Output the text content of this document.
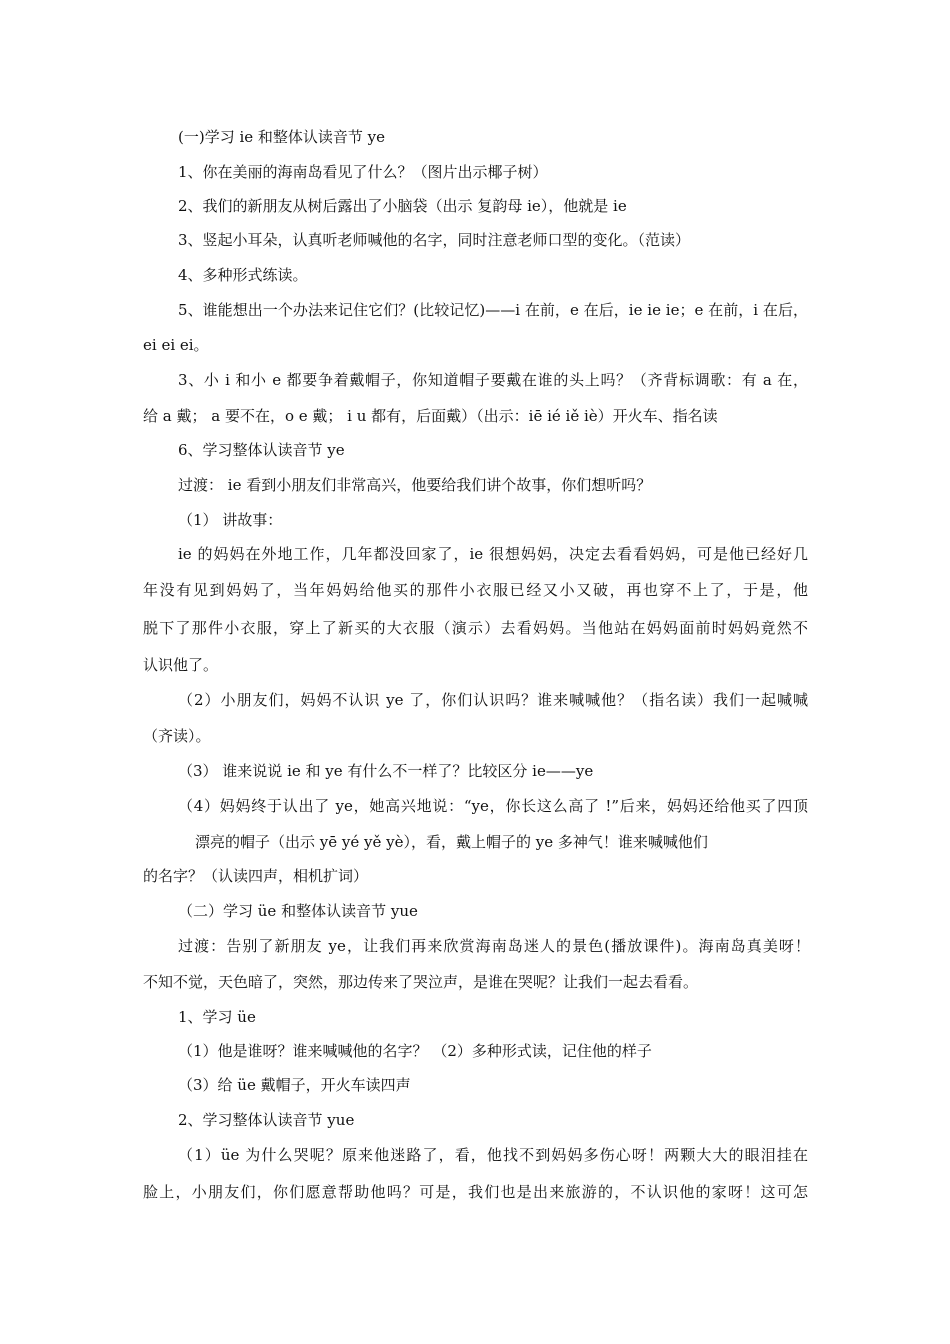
(一)学习 ie 和整体认读音节 ye
1、你在美丽的海南岛看见了什么？（图片出示椰子树）
2、我们的新朋友从树后露出了小脑袋（出示 复韵母 ie），他就是 ie
3、竖起小耳朵，认真听老师喊他的名字，同时注意老师口型的变化。（范读）
4、多种形式练读。
5、谁能想出一个办法来记住它们？(比较记忆)——i 在前，e 在后，ie ie ie；e 在前，i 在后，
ei ei ei。
3、小 i 和小 e 都要争着戴帽子，你知道帽子要戴在谁的头上吗？（齐背标调歌：有 a 在，
给 a 戴； a 要不在，o e 戴； i u 都有，后面戴）（出示：iē ié iě iè）开火车、指名读
6、学习整体认读音节 ye
过渡： ie 看到小朋友们非常高兴，他要给我们讲个故事，你们想听吗？
（1） 讲故事：
ie 的妈妈在外地工作，几年都没回家了，ie 很想妈妈，决定去看看妈妈，可是他已经好几
年没有见到妈妈了，当年妈妈给他买的那件小衣服已经又小又破，再也穿不上了，于是，他
脱下了那件小衣服，穿上了新买的大衣服（演示）去看妈妈。当他站在妈妈面前时妈妈竟然不
认识他了。
（2）小朋友们，妈妈不认识 ye 了，你们认识吗？谁来喊喊他？（指名读）我们一起喊喊
（齐读）。
（3） 谁来说说 ie 和 ye 有什么不一样了？比较区分 ie——ye
（4）妈妈终于认出了 ye，她高兴地说：“ye，你长这么高了 !”后来，妈妈还给他买了四顶
漂亮的帽子（出示 yē yé yě yè），看，戴上帽子的 ye 多神气！谁来喊喊他们
的名字？（认读四声，相机扩词）
（二）学习 üe 和整体认读音节 yue
过渡：告别了新朋友 ye，让我们再来欣赏海南岛迷人的景色(播放课件)。海南岛真美呀！
不知不觉，天色暗了，突然，那边传来了哭泣声，是谁在哭呢？让我们一起去看看。
1、学习 üe
（1）他是谁呀？谁来喊喊他的名字？ （2）多种形式读，记住他的样子
（3）给 üe 戴帽子，开火车读四声
2、学习整体认读音节 yue
（1）üe 为什么哭呢？原来他迷路了，看，他找不到妈妈多伤心呀！两颗大大的眼泪挂在
脸上，小朋友们，你们愿意帮助他吗？可是，我们也是出来旅游的，不认识他的家呀！这可怎
